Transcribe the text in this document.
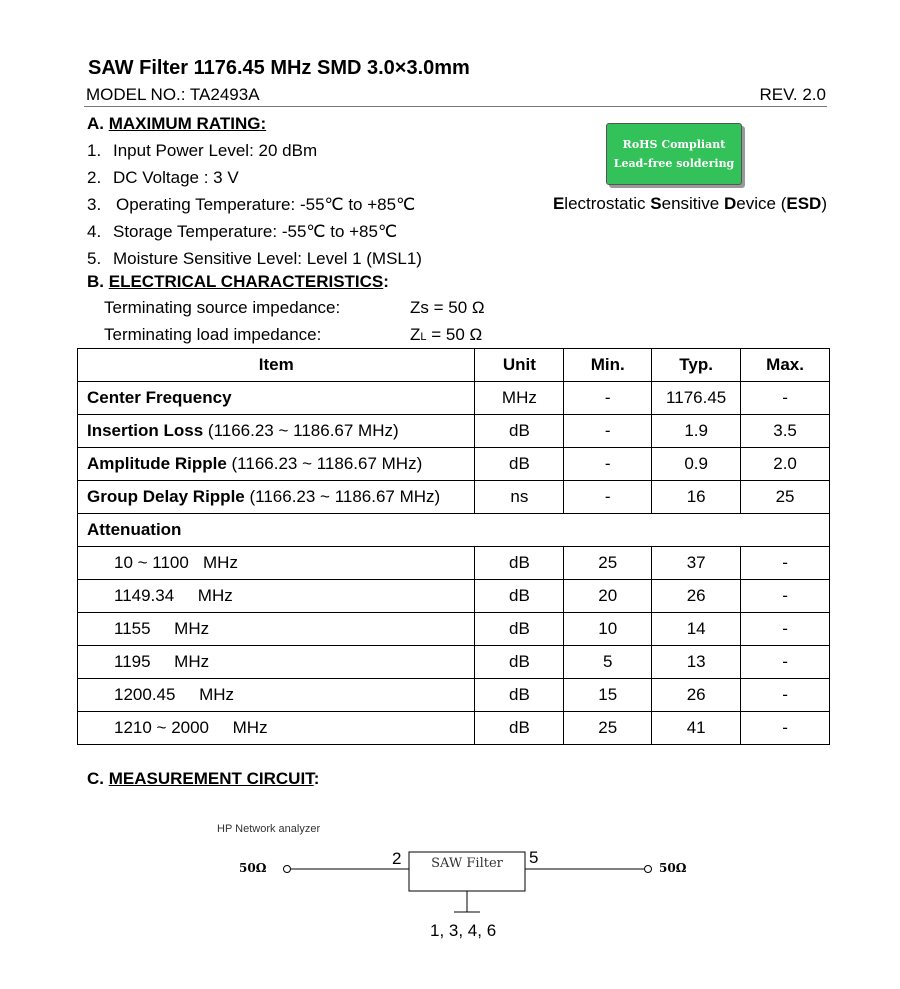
SAW Filter 1176.45 MHz SMD 3.0×3.0mm
MODEL NO.: TA2493A	REV. 2.0
A. MAXIMUM RATING:
1. Input Power Level: 20 dBm
2. DC Voltage : 3 V
3. Operating Temperature: -55℃ to +85℃
4. Storage Temperature: -55℃ to +85℃
5. Moisture Sensitive Level: Level 1 (MSL1)
RoHS Compliant
Lead-free soldering
Electrostatic Sensitive Device (ESD)
B. ELECTRICAL CHARACTERISTICS:
Terminating source impedance:	Zs = 50 Ω
Terminating load impedance:	ZL = 50 Ω
Item	Unit	Min.	Typ.	Max.
Center Frequency	MHz	-	1176.45	-
Insertion Loss (1166.23 ~ 1186.67 MHz)	dB	-	1.9	3.5
Amplitude Ripple (1166.23 ~ 1186.67 MHz)	dB	-	0.9	2.0
Group Delay Ripple (1166.23 ~ 1186.67 MHz)	ns	-	16	25
Attenuation				
10 ~ 1100   MHz	dB	25	37	-
1149.34     MHz	dB	20	26	-
1155     MHz	dB	10	14	-
1195     MHz	dB	5	13	-
1200.45     MHz	dB	15	26	-
1210 ~ 2000     MHz	dB	25	41	-
C. MEASUREMENT CIRCUIT:
HP Network analyzer
50Ω	50Ω
2	5
SAW Filter
1, 3, 4, 6
